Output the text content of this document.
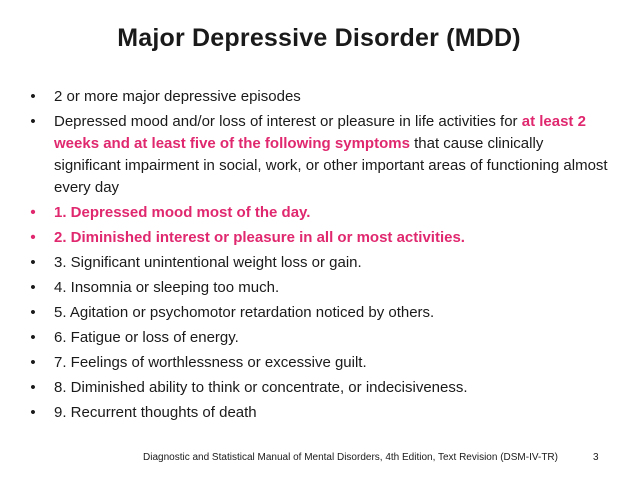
Major Depressive Disorder (MDD)
• 2 or more major depressive episodes
• Depressed mood and/or loss of interest or pleasure in life activities for at least 2 weeks and at least five of the following symptoms that cause clinically significant impairment in social, work, or other important areas of functioning almost every day
• 1. Depressed mood most of the day.
• 2. Diminished interest or pleasure in all or most activities.
• 3. Significant unintentional weight loss or gain.
• 4. Insomnia or sleeping too much.
• 5. Agitation or psychomotor retardation noticed by others.
• 6. Fatigue or loss of energy.
• 7. Feelings of worthlessness or excessive guilt.
• 8. Diminished ability to think or concentrate, or indecisiveness.
• 9. Recurrent thoughts of death
Diagnostic and Statistical Manual of Mental Disorders, 4th Edition, Text Revision (DSM-IV-TR)	3
